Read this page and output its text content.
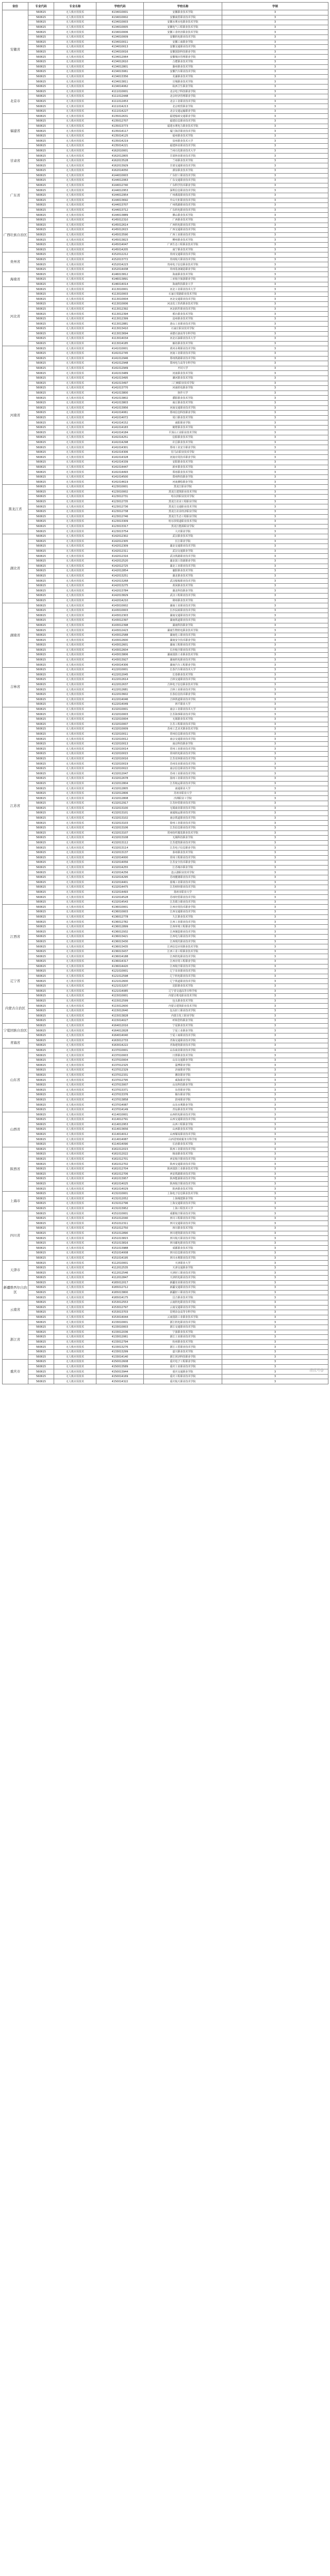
省份	专业代码	专业名称	学校代码	学校名称	学制
安徽省	560615	无人机应用技术	4134010001	安徽职业技术学院	3
	560615	无人机应用技术	4134010002	安徽商贸职业技术学院	3
	560615	无人机应用技术	4134010003	安徽水利水电职业技术学院	3
	560615	无人机应用技术	4134010005	安徽电气工程职业技术学院	3
	560615	无人机应用技术	4134010006	安徽工业经济职业技术学院	3
	560615	无人机应用技术	4134010009	安徽机电职业技术学院	3
	560615	无人机应用技术	4134010011	安徽工商职业学院	3
	560615	无人机应用技术	4134010013	安徽交通职业技术学院	3
	560615	无人机应用技术	4134010016	安徽国防科技职业学院	3
	560615	无人机应用技术	4134012064	安徽城市管理职业学院	3
	560615	无人机应用技术	4134012610	合肥职业技术学院	3
	560615	无人机应用技术	4134012801	滁州职业技术学院	3
	560615	无人机应用技术	4134013061	安徽汽车职业技术学院	3
	560615	无人机应用技术	4134013356	芜湖职业技术学院	3
	560615	无人机应用技术	4134013811	宣城职业技术学院	3
	560615	无人机应用技术	4134014062	皖西卫生职业学院	3
北京市	560615	无人机应用技术	4111010001	北京电子科技职业学院	3
	560615	无人机应用技术	4111012448	北京经济管理职业学院	3
	560615	无人机应用技术	4111012453	北京工业职业技术学院	3
	560615	无人机应用技术	4111014213	北京财贸职业学院	3
	560615	无人机应用技术	4111014227	北京交通运输职业学院	3
福建省	560615	无人机应用技术	4135012631	福建船政交通职业学院	3
	560615	无人机应用技术	4135012707	福建信息职业技术学院	3
	560615	无人机应用技术	4135013773	福建水利电力职业技术学院	3
	560615	无人机应用技术	4135014117	厦门海洋职业技术学院	3
	560615	无人机应用技术	4135014125	福州职业技术学院	3
	560615	无人机应用技术	4135014219	泉州职业技术大学	3
	560615	无人机应用技术	4135014221	福建林业职业技术学院	3
甘肃省	560615	无人机应用技术	4162010001	兰州石化职业技术大学	3
	560615	无人机应用技术	4162012805	甘肃林业职业技术学院	3
	560615	无人机应用技术	4162013528	兰州职业技术学院	3
	560615	无人机应用技术	4162013929	甘肃交通职业技术学院	3
	560615	无人机应用技术	4162014050	酒泉职业技术学院	3
广东省	560615	无人机应用技术	4144010003	广东轻工职业技术学院	3
	560615	无人机应用技术	4144012063	广东交通职业技术学院	3
	560615	无人机应用技术	4144012740	广东科学技术职业学院	3
	560615	无人机应用技术	4144012953	深圳信息职业技术学院	3
	560615	无人机应用技术	4144012954	广州番禺职业技术学院	3
	560615	无人机应用技术	4144013692	中山火炬职业技术学院	3
	560615	无人机应用技术	4144013707	广州铁路职业技术学院	3
	560615	无人机应用技术	4144013712	广东机电职业技术学院	3
	560615	无人机应用技术	4144013889	佛山职业技术学院	3
广西壮族自治区	560615	无人机应用技术	4145012310	广西职业技术学院	3
	560615	无人机应用技术	4145012614	广西机电职业技术学院	3
	560615	无人机应用技术	4145012615	广西交通职业技术学院	3
	560615	无人机应用技术	4145013590	广西工业职业技术学院	3
	560615	无人机应用技术	4145013823	柳州职业技术学院	3
	560615	无人机应用技术	4145014047	广西生态工程职业技术学院	3
	560615	无人机应用技术	4145014205	南宁职业技术学院	3
贵州省	560615	无人机应用技术	4152012212	贵州交通职业技术学院	3
	560615	无人机应用技术	4152013772	贵州航天职业技术学院	3
	560615	无人机应用技术	4152014223	贵州电子信息职业技术学院	3
	560615	无人机应用技术	4152014438	贵州装备制造职业学院	3
海南省	560615	无人机应用技术	4146013812	海南职业技术学院	3
	560615	无人机应用技术	4146013891	三亚航空旅游职业学院	3
	560615	无人机应用技术	4146014014	海南科技职业大学	3
河北省	560615	无人机应用技术	4113010001	河北工业职业技术大学	3
	560615	无人机应用技术	4113010003	石家庄铁路职业技术学院	3
	560615	无人机应用技术	4113010004	河北交通职业技术学院	3
	560615	无人机应用技术	4113010006	河北化工医药职业技术学院	3
	560615	无人机应用技术	4113012392	河北软件职业技术学院	3
	560615	无人机应用技术	4113012394	邢台职业技术学院	3
	560615	无人机应用技术	4113012399	沧州职业技术学院	3
	560615	无人机应用技术	4113012881	唐山工业职业技术学院	3
	560615	无人机应用技术	4113013410	石家庄职业技术学院	3
	560615	无人机应用技术	4113013694	承德石油高等专科学校	3
	560615	无人机应用技术	4113014034	河北石油职业技术大学	3
	560615	无人机应用技术	4113014185	廊坊职业技术学院	3
河南省	560615	无人机应用技术	4141010001	黄河水利职业技术学院	3
	560615	无人机应用技术	4141012745	河南工业职业技术学院	3
	560615	无人机应用技术	4141012946	郑州铁路职业技术学院	3
	560615	无人机应用技术	4141012948	郑州电力高等专科学校	3
	560615	无人机应用技术	4141012949	开封大学	3
	560615	无人机应用技术	4141013489	河南职业技术学院	3
	560615	无人机应用技术	4141013495	漯河职业技术学院	3
	560615	无人机应用技术	4141013497	三门峡职业技术学院	3
	560615	无人机应用技术	4141013770	河南机电职业学院	3
	560615	无人机应用技术	4141013800	焦作大学	3
	560615	无人机应用技术	4141013802	濮阳职业技术学院	3
	560615	无人机应用技术	4141013803	商丘职业技术学院	3
	560615	无人机应用技术	4141013956	河南交通职业技术学院	3
	560615	无人机应用技术	4141014061	郑州信息科技职业学院	3
	560615	无人机应用技术	4141014072	周口职业技术学院	3
	560615	无人机应用技术	4141014152	南阳职业学院	3
	560615	无人机应用技术	4141014183	鹤壁职业技术学院	3
	560615	无人机应用技术	4141014184	平顶山工业职业技术学院	3
	560615	无人机应用技术	4141014251	信阳职业技术学院	3
	560615	无人机应用技术	4141014298	许昌职业技术学院	3
	560615	无人机应用技术	4141014301	郑州工业安全职业学院	3
	560615	无人机应用技术	4141014306	驻马店职业技术学院	3
	560615	无人机应用技术	4141014328	河南应用技术职业学院	3
	560615	无人机应用技术	4141014339	安阳职业技术学院	3
	560615	无人机应用技术	4141014447	新乡职业技术学院	3
	560615	无人机应用技术	4141014493	郑州职业技术学院	3
	560615	无人机应用技术	4141014500	郑州科技职业学院	3
	560615	无人机应用技术	4141014619	河南测绘职业学院	3
黑龙江省	560615	无人机应用技术	4123010001	黑龙江职业学院	3
	560615	无人机应用技术	4123010002	黑龙江建筑职业技术学院	3
	560615	无人机应用技术	4123012731	哈尔滨职业技术学院	3
	560615	无人机应用技术	4123012735	黑龙江农业工程职业学院	3
	560615	无人机应用技术	4123012736	黑龙江交通职业技术学院	3
	560615	无人机应用技术	4123012738	黑龙江农业经济职业学院	3
	560615	无人机应用技术	4123012746	黑龙江生态工程职业学院	3
	560615	无人机应用技术	4123013309	哈尔滨铁道职业技术学院	3
	560615	无人机应用技术	4123013317	黑龙江能源职业学院	3
	560615	无人机应用技术	4123013754	大庆职业学院	3
湖北省	560615	无人机应用技术	4142012302	武汉职业技术学院	3
	560615	无人机应用技术	4142012305	长江职业学院	3
	560615	无人机应用技术	4142012309	湖北交通职业技术学院	3
	560615	无人机应用技术	4142012311	武汉交通职业学院	3
	560615	无人机应用技术	4142012316	武汉铁路职业技术学院	3
	560615	无人机应用技术	4142012520	湖北国土资源职业学院	3
	560615	无人机应用技术	4142012725	湖北工业职业技术学院	3
	560615	无人机应用技术	4142012854	襄阳职业技术学院	3
	560615	无人机应用技术	4142013251	湖北职业技术学院	3
	560615	无人机应用技术	4142013268	武汉船舶职业技术学院	3
	560615	无人机应用技术	4142013275	黄冈职业技术学院	3
	560615	无人机应用技术	4142013784	湖北科技职业学院	3
	560615	无人机应用技术	4142013829	武汉工程职业技术学院	3
	560615	无人机应用技术	4142014210	荆州职业技术学院	3
湖南省	560615	无人机应用技术	4143010002	湖南工业职业技术学院	3
	560615	无人机应用技术	4143010003	长沙民政职业技术学院	3
	560615	无人机应用技术	4143012303	湖南交通职业技术学院	3
	560615	无人机应用技术	4143012397	湖南铁道职业技术学院	3
	560615	无人机应用技术	4143012398	湖南科技职业学院	3
	560615	无人机应用技术	4143012423	湖南生物机电职业技术学院	3
	560615	无人机应用技术	4143012588	湖南化工职业技术学院	3
	560615	无人机应用技术	4143012600	湖南安全技术职业学院	3
	560615	无人机应用技术	4143012601	湖南工程职业技术学院	3
	560615	无人机应用技术	4143012604	长沙航空职业技术学院	3
	560615	无人机应用技术	4143013806	湖南国防工业职业技术学院	3
	560615	无人机应用技术	4143013927	湖南机电职业技术学院	3
	560615	无人机应用技术	4143014306	湖南汽车工程职业学院	3
吉林省	560615	无人机应用技术	4122010001	长春汽车职业技术大学	3
	560615	无人机应用技术	4122012045	长春职业技术学院	3
	560615	无人机应用技术	4122012614	吉林交通职业技术学院	3
	560615	无人机应用技术	4122012637	吉林电子信息职业技术学院	3
	560615	无人机应用技术	4122012681	吉林工业职业技术学院	3
	560615	无人机应用技术	4122013602	长春信息技术职业学院	3
	560615	无人机应用技术	4122014046	吉林铁道职业技术学院	3
	560615	无人机应用技术	4122014049	四平职业大学	3
江苏省	560615	无人机应用技术	4132010001	南京工业职业技术大学	3
	560615	无人机应用技术	4132010003	江苏海事职业技术学院	3
	560615	无人机应用技术	4132010004	无锡职业技术学院	3
	560615	无人机应用技术	4132010007	江苏工程职业技术学院	3
	560615	无人机应用技术	4132010009	苏州工艺美术职业技术学院	3
	560615	无人机应用技术	4132010011	常州信息职业技术学院	3
	560615	无人机应用技术	4132010012	南京交通职业技术学院	3
	560615	无人机应用技术	4132010013	南京科技职业学院	3
	560615	无人机应用技术	4132010014	常州工业职业技术学院	3
	560615	无人机应用技术	4132010015	常州机电职业技术学院	3
	560615	无人机应用技术	4132010016	江苏农林职业技术学院	3
	560615	无人机应用技术	4132010019	苏州农业职业技术学院	3
	560615	无人机应用技术	4132010022	南京信息职业技术学院	3
	560615	无人机应用技术	4132012047	苏州工业职业技术学院	3
	560615	无人机应用技术	4132012678	扬州工业职业技术学院	3
	560615	无人机应用技术	4132012804	江苏航运职业技术学院	3
	560615	无人机应用技术	4132012805	南通职业大学	3
	560615	无人机应用技术	4132012806	苏州市职业大学	3
	560615	无人机应用技术	4132012808	沙洲职业工学院	3
	560615	无人机应用技术	4132012917	江苏经贸职业技术学院	3
	560615	无人机应用技术	4132013100	无锡商业职业技术学院	3
	560615	无人机应用技术	4132013101	南通航运职业技术学院	3
	560615	无人机应用技术	4132013102	南京铁道职业技术学院	3
	560615	无人机应用技术	4132013103	徐州工业职业技术学院	3
	560615	无人机应用技术	4132013106	江苏信息职业技术学院	3
	560615	无人机应用技术	4132013107	常州纺织服装职业技术学院	3
	560615	无人机应用技术	4132013108	无锡科技职业学院	3
	560615	无人机应用技术	4132013112	江苏建筑职业技术学院	3
	560615	无人机应用技术	4132013114	江苏电子信息职业学院	3
	560615	无人机应用技术	4132013137	泰州职业技术学院	3
	560615	无人机应用技术	4132014000	常州工程职业技术学院	3
	560615	无人机应用技术	4132014056	江苏安全技术职业学院	3
	560615	无人机应用技术	4132014255	江苏城市职业学院	3
	560615	无人机应用技术	4132014256	连云港职业技术学院	3
	560615	无人机应用技术	4132014295	苏州健雄职业技术学院	3
	560615	无人机应用技术	4132014401	盐城工业职业技术学院	3
	560615	无人机应用技术	4132014475	江苏财经职业技术学院	3
	560615	无人机应用技术	4132014493	扬州市职业大学	3
	560615	无人机应用技术	4132014528	苏州经贸职业技术学院	3
	560615	无人机应用技术	4132014543	江苏联合职业技术学院	3
江西省	560615	无人机应用技术	4136010001	江西应用技术职业学院	3
	560615	无人机应用技术	4136010003	江西交通职业技术学院	3
	560615	无人机应用技术	4136012778	九江职业技术学院	3
	560615	无人机应用技术	4136012782	江西工业职业技术学院	3
	560615	无人机应用技术	4136012899	江西环境工程职业学院	3
	560615	无人机应用技术	4136012932	江西制造职业技术学院	3
	560615	无人机应用技术	4136013421	江西电力职业技术学院	3
	560615	无人机应用技术	4136013430	江西现代职业技术学院	3
	560615	无人机应用技术	4136013435	江西信息应用职业技术学院	3
	560615	无人机应用技术	4136013437	江西工业工程职业技术学院	3
	560615	无人机应用技术	4136014188	江西机电职业技术学院	3
	560615	无人机应用技术	4136014317	江西应用工程职业学院	3
	560615	无人机应用技术	4136014420	江西航空职业技术学院	3
辽宁省	560615	无人机应用技术	4121010001	辽宁农业职业技术学院	3
	560615	无人机应用技术	4121012598	辽宁机电职业技术学院	3
	560615	无人机应用技术	4121012600	辽宁铁道职业技术学院	3
	560615	无人机应用技术	4121013207	沈阳职业技术学院	3
	560615	无人机应用技术	4121014085	辽宁省交通高等专科学校	3
内蒙古自治区	560615	无人机应用技术	4115010001	内蒙古机电职业技术学院	3
	560615	无人机应用技术	4115012599	包头职业技术学院	3
	560615	无人机应用技术	4115012600	内蒙古建筑职业技术学院	3
	560615	无人机应用技术	4115012640	包头轻工职业技术学院	3
	560615	无人机应用技术	4115013828	内蒙古化工职业学院	3
	560615	无人机应用技术	4115014027	呼和浩特职业学院	3
宁夏回族自治区	560615	无人机应用技术	4164012016	宁夏职业技术学院	3
	560615	无人机应用技术	4164012828	宁夏工业职业学院	3
	560615	无人机应用技术	4164014040	宁夏工商职业技术学院	3
青海省	560615	无人机应用技术	4163012733	青海交通职业技术学院	3
	560615	无人机应用技术	4163014222	青海建筑职业技术学院	3
山东省	560615	无人机应用技术	4137010001	山东商业职业技术学院	3
	560615	无人机应用技术	4137010003	日照职业技术学院	3
	560615	无人机应用技术	4137010004	山东交通职业学院	3
	560615	无人机应用技术	4137012325	淄博职业学院	3
	560615	无人机应用技术	4137012329	济南职业学院	3
	560615	无人机应用技术	4137012331	潍坊职业学院	3
	560615	无人机应用技术	4137012795	威海职业学院	3
	560615	无人机应用技术	4137013007	山东科技职业学院	3
	560615	无人机应用技术	4137013371	东营职业学院	3
	560615	无人机应用技术	4137013376	烟台职业学院	3
	560615	无人机应用技术	4137013858	滨州职业学院	3
	560615	无人机应用技术	4137014087	山东水利职业学院	3
	560615	无人机应用技术	4137014149	青岛职业技术学院	3
山西省	560615	无人机应用技术	4114010001	山西机电职业技术学院	3
	560615	无人机应用技术	4114012791	山西交通职业技术学院	3
	560615	无人机应用技术	4114012953	山西工程职业学院	3
	560615	无人机应用技术	4114013656	山西职业技术学院	3
	560615	无人机应用技术	4114014012	山西煤炭职业技术学院	3
	560615	无人机应用技术	4114014087	山西省财政税务专科学校	3
	560615	无人机应用技术	4114014090	长治职业技术学院	3
陕西省	560615	无人机应用技术	4161012015	陕西工业职业技术学院	3
	560615	无人机应用技术	4161012022	杨凌职业技术学院	3
	560615	无人机应用技术	4161012701	西安航空职业技术学院	3
	560615	无人机应用技术	4161012702	陕西交通职业技术学院	3
	560615	无人机应用技术	4161012704	陕西国防工业职业技术学院	3
	560615	无人机应用技术	4161012706	西安铁路职业技术学院	3
	560615	无人机应用技术	4161013957	陕西能源职业技术学院	3
	560615	无人机应用技术	4161014025	陕西航空职业技术学院	3
	560615	无人机应用技术	4161014029	陕西职业技术学院	3
上海市	560615	无人机应用技术	4131010001	上海电子信息职业技术学院	3
	560615	无人机应用技术	4131012052	上海城建职业学院	3
	560615	无人机应用技术	4131012796	上海交通职业技术学院	3
	560615	无人机应用技术	4131013952	上海工程技术大学	3
四川省	560615	无人机应用技术	4151010001	成都航空职业技术学院	3
	560615	无人机应用技术	4151012040	四川工程职业技术学院	3
	560615	无人机应用技术	4151012311	四川交通职业技术学院	3
	560615	无人机应用技术	4151012750	四川职业技术学院	3
	560615	无人机应用技术	4151012890	四川建筑职业技术学院	3
	560615	无人机应用技术	4151013815	四川航天职业技术学院	3
	560615	无人机应用技术	4151013816	四川邮电职业技术学院	3
	560615	无人机应用技术	4151013988	成都职业技术学院	3
	560615	无人机应用技术	4151014008	四川信息职业技术学院	3
	560615	无人机应用技术	4151014195	四川水利职业技术学院	3
天津市	560615	无人机应用技术	4112010001	天津职业大学	3
	560615	无人机应用技术	4112012535	天津交通职业学院	3
	560615	无人机应用技术	4112012546	天津轻工职业技术学院	3
	560615	无人机应用技术	4112012847	天津机电职业技术学院	3
新疆维吾尔自治区	560615	无人机应用技术	4165012017	新疆农业职业技术学院	3
	560615	无人机应用技术	4165012712	新疆交通职业技术学院	3
	560615	无人机应用技术	4165013800	新疆轻工职业技术学院	3
	560615	无人机应用技术	4165014175	昌吉职业技术学院	3
云南省	560615	无人机应用技术	4153012553	云南机电职业技术学院	3
	560615	无人机应用技术	4153012797	云南交通职业技术学院	3
	560615	无人机应用技术	4153013703	昆明冶金高等专科学校	3
	560615	无人机应用技术	4153014044	云南国防工业职业技术学院	3
浙江省	560615	无人机应用技术	4133010001	浙江机电职业技术学院	3
	560615	无人机应用技术	4133010003	浙江交通职业技术学院	3
	560615	无人机应用技术	4133012036	宁波职业技术学院	3
	560615	无人机应用技术	4133012061	浙江工业职业技术学院	3
	560615	无人机应用技术	4133012794	杭州职业技术学院	3
	560615	无人机应用技术	4133013276	浙江工贸职业技术学院	3
	560615	无人机应用技术	4133013299	嘉兴职业技术学院	3
	560615	无人机应用技术	4133014140	浙江同济科技职业学院	3
重庆市	560615	无人机应用技术	4150012608	重庆电子工程职业学院	3
	560615	无人机应用技术	4150013589	重庆工业职业技术学院	3
	560615	无人机应用技术	4150013944	重庆交通职业学院	3
	560615	无人机应用技术	4150014169	重庆工程职业技术学院	3
	560615	无人机应用技术	4150014322	重庆航天职业技术学院	3
搜狐号@
